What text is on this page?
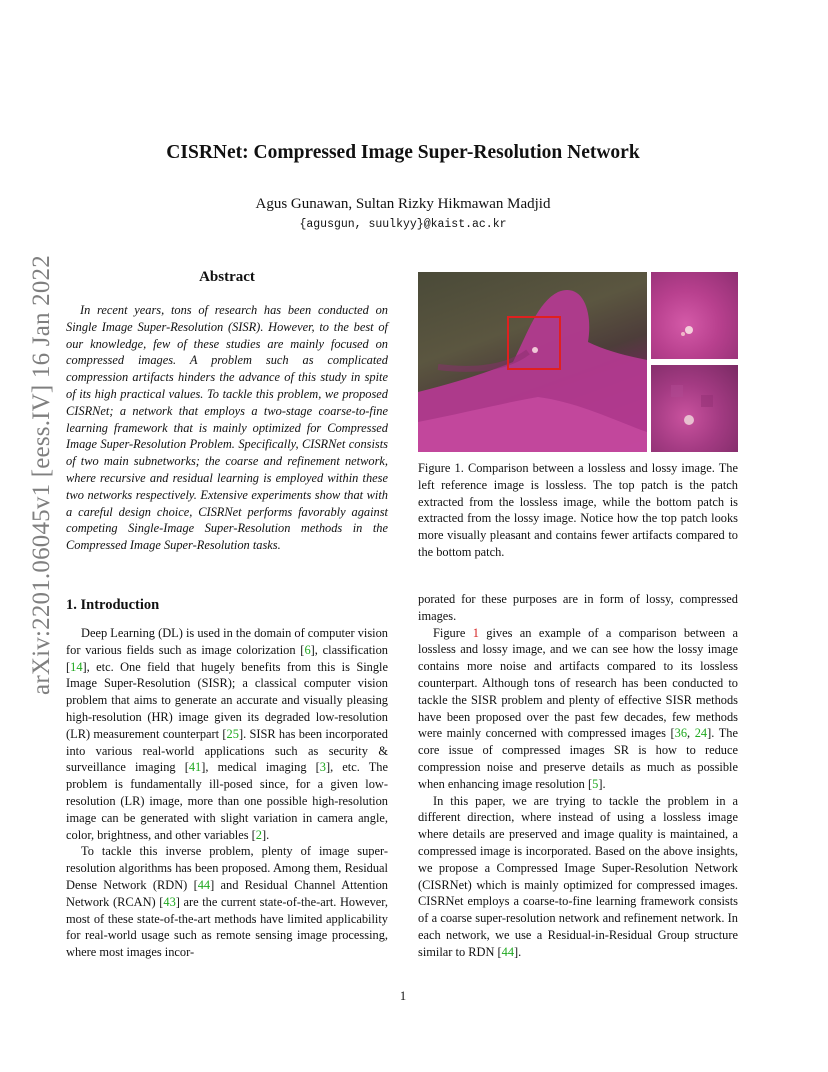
arXiv:2201.06045v1 [eess.IV] 16 Jan 2022
CISRNet: Compressed Image Super-Resolution Network
Agus Gunawan, Sultan Rizky Hikmawan Madjid
{agusgun, suulkyy}@kaist.ac.kr
Abstract

In recent years, tons of research has been conducted on Single Image Super-Resolution (SISR). However, to the best of our knowledge, few of these studies are mainly focused on compressed images. A problem such as complicated compression artifacts hinders the advance of this study in spite of its high practical values. To tackle this problem, we proposed CISRNet; a network that employs a two-stage coarse-to-fine learning framework that is mainly optimized for Compressed Image Super-Resolution Problem. Specifically, CISRNet consists of two main subnetworks; the coarse and refinement network, where recursive and residual learning is employed within these two networks respectively. Extensive experiments show that with a careful design choice, CISRNet performs favorably against competing Single-Image Super-Resolution methods in the Compressed Image Super-Resolution tasks.

Figure 1. Comparison between a lossless and lossy image. The left reference image is lossless. The top patch is the patch extracted from the lossless image, while the bottom patch is extracted from the lossy image. Notice how the top patch looks more visually pleasant and contains fewer artifacts compared to the bottom patch.

1. Introduction

Deep Learning (DL) is used in the domain of computer vision for various fields such as image colorization [6], classification [14], etc. One field that hugely benefits from this is Single Image Super-Resolution (SISR); a classical computer vision problem that aims to generate an accurate and visually pleasing high-resolution (HR) image given its degraded low-resolution (LR) measurement counterpart [25]. SISR has been incorporated into various real-world applications such as security & surveillance imaging [41], medical imaging [3], etc. The problem is fundamentally ill-posed since, for a given low-resolution (LR) image, more than one possible high-resolution image can be generated with slight variation in camera angle, color, brightness, and other variables [2].

To tackle this inverse problem, plenty of image super-resolution algorithms has been proposed. Among them, Residual Dense Network (RDN) [44] and Residual Channel Attention Network (RCAN) [43] are the current state-of-the-art. However, most of these state-of-the-art methods have limited applicability for real-world usage such as remote sensing image processing, where most images incor-

porated for these purposes are in form of lossy, compressed images.

Figure 1 gives an example of a comparison between a lossless and lossy image, and we can see how the lossy image contains more noise and artifacts compared to its lossless counterpart. Although tons of research has been conducted to tackle the SISR problem and plenty of effective SISR methods have been proposed over the past few decades, few methods were mainly concerned with compressed images [36, 24]. The core issue of compressed images SR is how to reduce compression noise and preserve details as much as possible when enhancing image resolution [5].

In this paper, we are trying to tackle the problem in a different direction, where instead of using a lossless image where details are preserved and image quality is maintained, a compressed image is incorporated. Based on the above insights, we propose a Compressed Image Super-Resolution Network (CISRNet) which is mainly optimized for compressed images. CISRNet employs a coarse-to-fine learning framework consists of a coarse super-resolution network and refinement network. In each network, we use a Residual-in-Residual Group structure similar to RDN [44].

1
